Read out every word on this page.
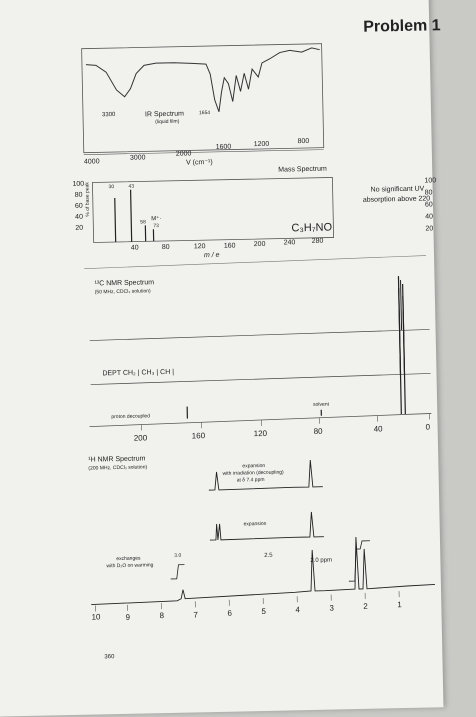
Problem 1
3300	IR Spectrum
(liquid film)
1654
4000
3000
2000
1600	1200	800
V (cm⁻¹)
100
80
60
40
20
% of base peak	30	43
58
M⁺·
73
40	80	120	160	200	240 280
m / e
Mass Spectrum
C₃H₇NO
No significant UV
absorption above 220
100
80
60
40
20
¹³C NMR Spectrum
(50 MHz, CDCl₃ solution)
DEPT CH₂ | CH₃ | CH |
proton decoupled
solvent
200	160	120	80	40	0
¹H NMR Spectrum
(200 MHz, CDCl₃ solution)	expansion
with irradiation (decoupling)
at δ 7.4 ppm
expansion
3.0	2.5
2.0 ppm
exchanges
with D₂O on warming
10	9	8	7	6	5	4	3	2	1
360
